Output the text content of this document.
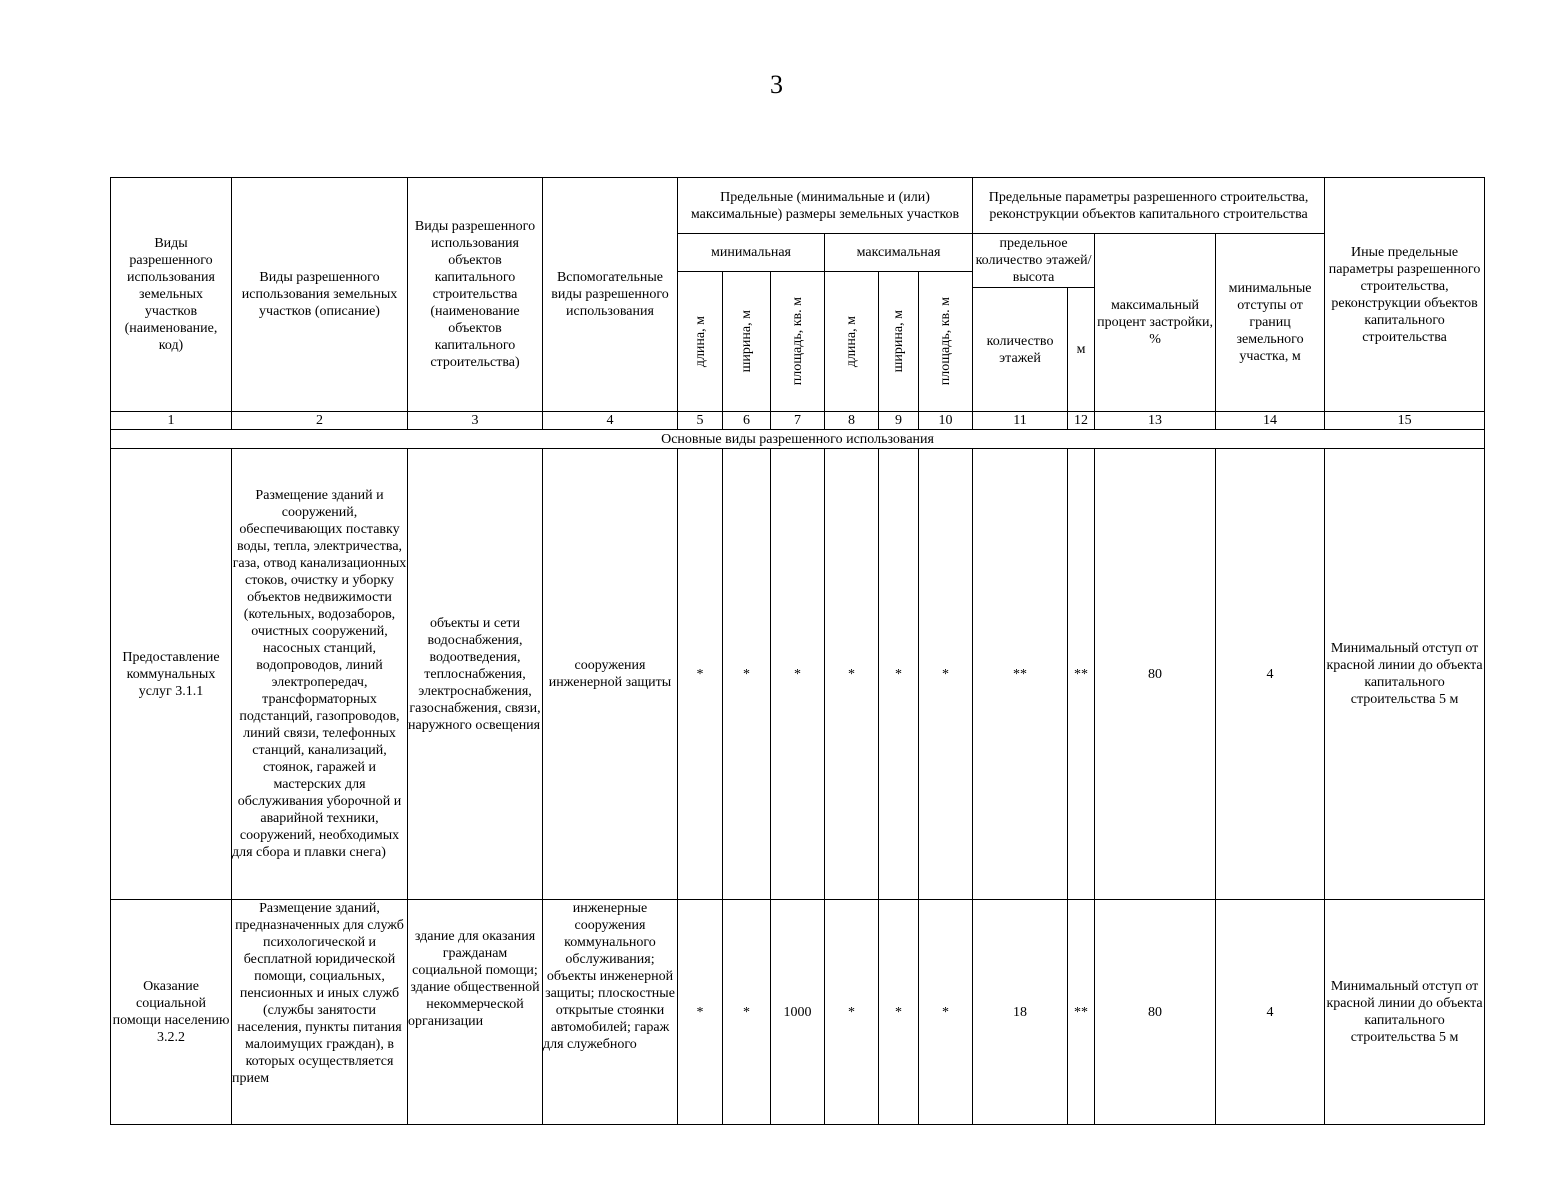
3
Виды разрешенного использования земельных участков (наименование, код)	Виды разрешенного использования земельных участков (описание)	Виды разрешенного использования объектов капитального строительства (наименование объектов капитального строительства)	Вспомогательные виды разрешенного использования	Предельные (минимальные и (или) максимальные) размеры земельных участков						Предельные параметры разрешенного строительства, реконструкции объектов капитального строительства				Иные предельные параметры разрешенного строительства, реконструкции объектов капитального строительства
				минимальная			максимальная			предельное количество этажей/высота		максимальный процент застройки, %	минимальные отступы от границ земельного участка, м	

				длина, м	ширина, м	площадь, кв. м	длина, м	ширина, м	площадь, кв. м					

										количество этажей	м			
1	2	3	4	5	6	7	8	9	10	11	12	13	14	15
Основные виды разрешенного использования														
Предоставление коммунальных услуг 3.1.1	Размещение зданий и сооружений, обеспечивающих поставку воды, тепла, электричества, газа, отвод канализационных стоков, очистку и уборку объектов недвижимости (котельных, водозаборов, очистных сооружений, насосных станций, водопроводов, линий электропередач, трансформаторных подстанций, газопроводов, линий связи, телефонных станций, канализаций, стоянок, гаражей и мастерских для обслуживания уборочной и аварийной техники, сооружений, необходимых для сбора и плавки снега)	объекты и сети водоснабжения, водоотведения, теплоснабжения, электроснабжения, газоснабжения, связи, наружного освещения	сооружения инженерной защиты	*	*	*	*	*	*	**	**	80	4	Минимальный отступ от красной линии до объекта капитального строительства 5 м
Оказание социальной помощи населению 3.2.2	Размещение зданий, предназначенных для служб психологической и бесплатной юридической помощи, социальных, пенсионных и иных служб (службы занятости населения, пункты питания малоимущих граждан), в которых осуществляется прием	здание для оказания гражданам социальной помощи; здание общественной некоммерческой организации	инженерные сооружения коммунального обслуживания; объекты инженерной защиты; плоскостные открытые стоянки автомобилей; гараж для служебного	*	*	1000	*	*	*	18	**	80	4	Минимальный отступ от красной линии до объекта капитального строительства 5 м
